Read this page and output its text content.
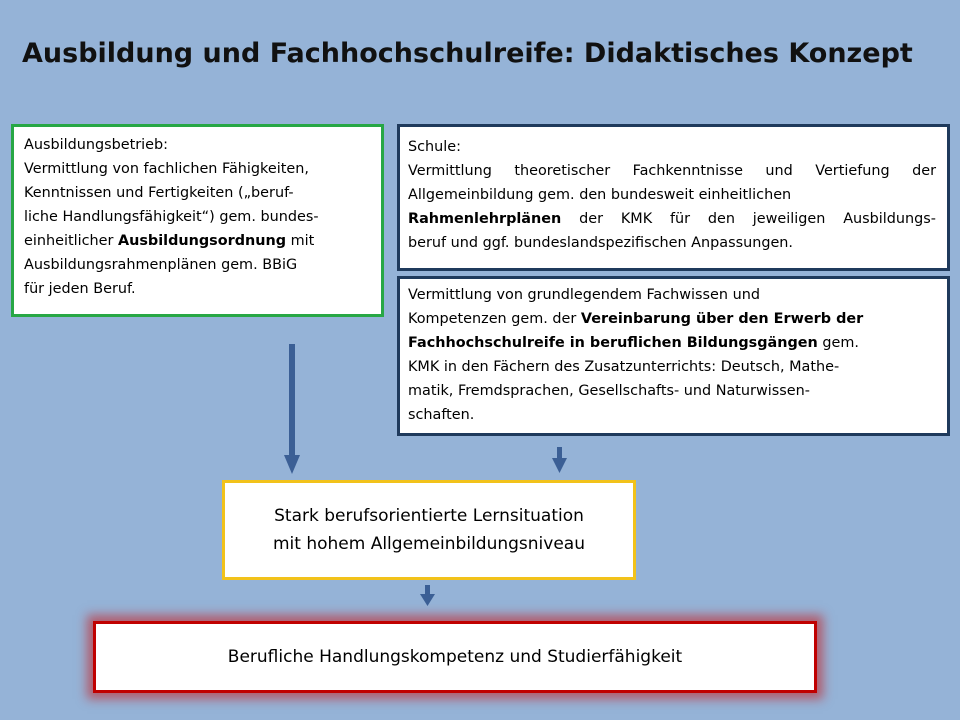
Ausbildung und Fachhochschulreife: Didaktisches Konzept

Ausbildungsbetrieb:

Vermittlung von fachlichen Fähigkeiten,

Kenntnissen und Fertigkeiten („beruf-

liche Handlungsfähigkeit“) gem. bundes-

einheitlicher Ausbildungsordnung mit

Ausbildungsrahmenplänen gem. BBiG

für jeden Beruf.

Schule:

Vermittlung theoretischer Fachkenntnisse und Vertiefung der

Allgemeinbildung gem. den bundesweit einheitlichen

Rahmenlehrplänen der KMK für den jeweiligen Ausbildungs-

beruf und ggf. bundeslandspezifischen Anpassungen.

Vermittlung von grundlegendem Fachwissen und

Kompetenzen gem. der Vereinbarung über den Erwerb der

Fachhochschulreife in beruflichen Bildungsgängen gem.

KMK in den Fächern des Zusatzunterrichts: Deutsch, Mathe-

matik, Fremdsprachen, Gesellschafts- und Naturwissen-

schaften.

Stark berufsorientierte Lernsituation

mit hohem Allgemeinbildungsniveau

Berufliche Handlungskompetenz und Studierfähigkeit
